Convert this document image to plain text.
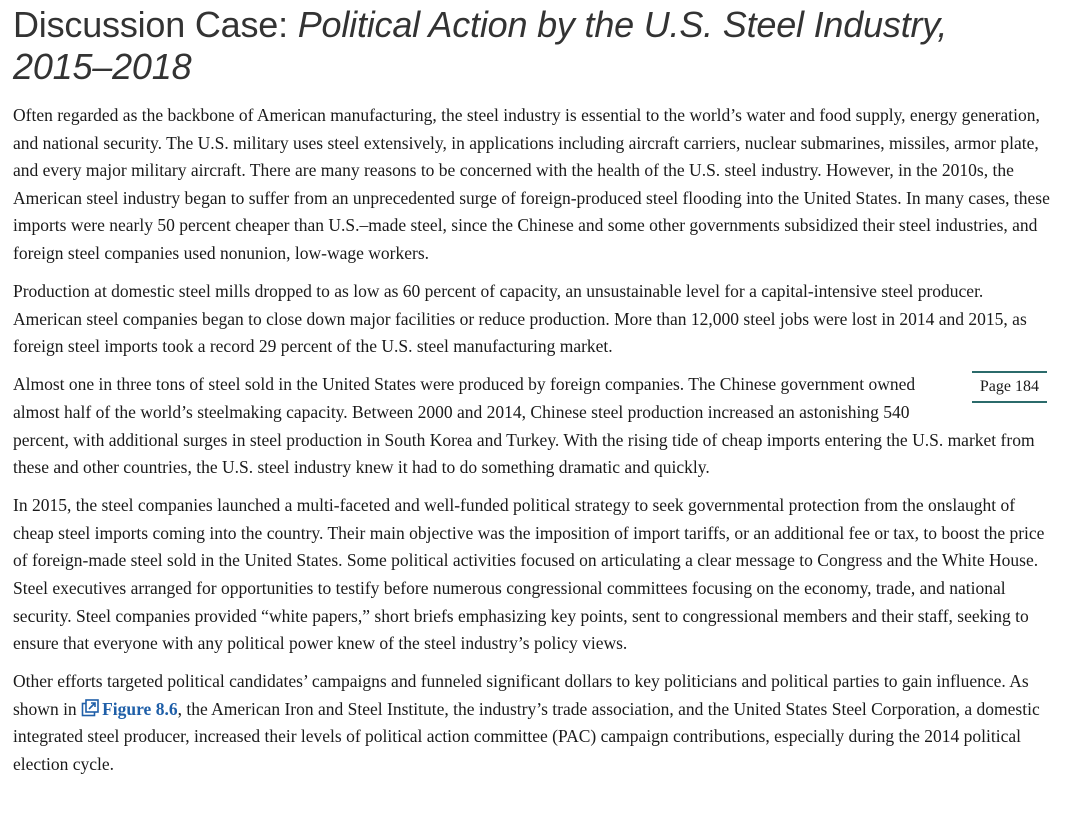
Discussion Case: Political Action by the U.S. Steel Industry, 2015–2018

Often regarded as the backbone of American manufacturing, the steel industry is essential to the world’s water and food supply, energy generation, and national security. The U.S. military uses steel extensively, in applications including aircraft carriers, nuclear submarines, missiles, armor plate, and every major military aircraft. There are many reasons to be concerned with the health of the U.S. steel industry. However, in the 2010s, the American steel industry began to suffer from an unprecedented surge of foreign-produced steel flooding into the United States. In many cases, these imports were nearly 50 percent cheaper than U.S.–made steel, since the Chinese and some other governments subsidized their steel industries, and foreign steel companies used nonunion, low-wage workers.

Production at domestic steel mills dropped to as low as 60 percent of capacity, an unsustainable level for a capital-intensive steel producer. American steel companies began to close down major facilities or reduce production. More than 12,000 steel jobs were lost in 2014 and 2015, as foreign steel imports took a record 29 percent of the U.S. steel manufacturing market.

Page 184
Almost one in three tons of steel sold in the United States were produced by foreign companies. The Chinese government owned almost half of the world’s steelmaking capacity. Between 2000 and 2014, Chinese steel production increased an astonishing 540 percent, with additional surges in steel production in South Korea and Turkey. With the rising tide of cheap imports entering the U.S. market from these and other countries, the U.S. steel industry knew it had to do something dramatic and quickly.

In 2015, the steel companies launched a multi-faceted and well-funded political strategy to seek governmental protection from the onslaught of cheap steel imports coming into the country. Their main objective was the imposition of import tariffs, or an additional fee or tax, to boost the price of foreign-made steel sold in the United States. Some political activities focused on articulating a clear message to Congress and the White House. Steel executives arranged for opportunities to testify before numerous congressional committees focusing on the economy, trade, and national security. Steel companies provided “white papers,” short briefs emphasizing key points, sent to congressional members and their staff, seeking to ensure that everyone with any political power knew of the steel industry’s policy views.

Other efforts targeted political candidates’ campaigns and funneled significant dollars to key politicians and political parties to gain influence. As shown in Figure 8.6, the American Iron and Steel Institute, the industry’s trade association, and the United States Steel Corporation, a domestic integrated steel producer, increased their levels of political action committee (PAC) campaign contributions, especially during the 2014 political election cycle.
